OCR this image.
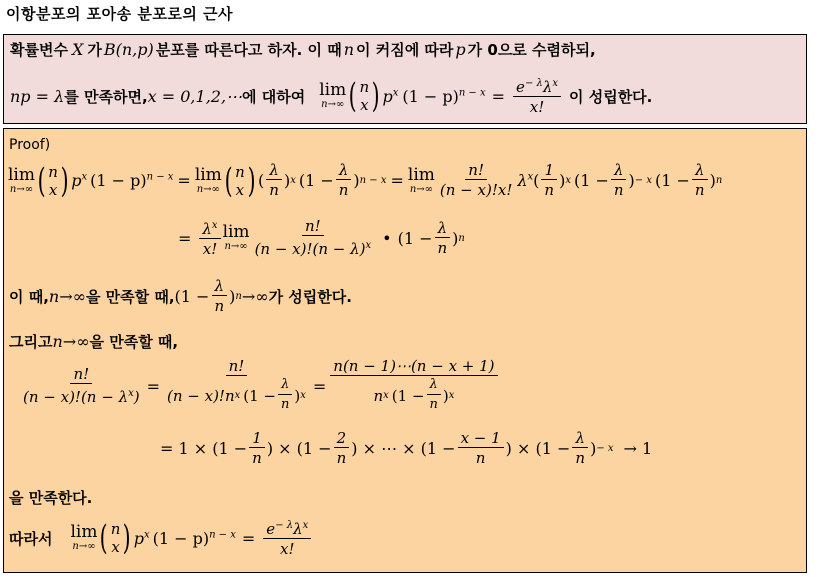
이항분포의 포아송 분포로의 근사
확률변수 X 가 B(n,p) 분포를 따른다고 하자. 이 때 n 이 커짐에 따라 p 가 0으로 수렴하되,
np = λ 를 만족하면, x = 0,1,2,⋯ 에 대하여 lim
n→∞ ( n
x ) $p^x$ $(1 - p)^{n - x} = \frac{e^{- \lambda}\lambda^x}{x!}$ 이 성립한다.
Proof)
lim
n→∞ ( n
x ) $p^x$ $(1 - p)^{n - x} = \lim$
n→∞ ( n
x ) ( $\frac{\lambda}{n}$ ) x ($1 - \frac{\lambda}{n}$ ) n − x = lim
$n\to\infty \frac{n!}{(n - x)!x!} \lambda^x$ ( $\frac{1}{n}$ ) x ($1 - \frac{\lambda}{n}$ ) − x ($1 - \frac{\lambda}{n}$ ) n
= $\frac{\lambda^x}{x!}$ lim
$n\to\infty \frac{n!}{(n - x)!(n - \lambda)^x}$ • ($1 - \frac{\lambda}{n}$ ) n
이 때, n→∞ 을 만족할 때, ($1 - \frac{\lambda}{n}$ ) n →∞ 가 성립한다.
그리고 n→∞ 을 만족할 때,
$\frac{n!}{(n - x)!(n - \lambda^x)} = \frac{n!}{(n - x)!n x (1 - \frac{\lambda}{n} ) x} = \frac{n(n - 1)\cdots(n - x + 1)}{n x (1 - \frac{\lambda}{n} ) x}$
= $1 \times (1 - \frac{1}{n}$ ) × ($1 - \frac{2}{n}$ ) × ⋯ × ($1 - \frac{x - 1}{n}$ ) × ($1 - \frac{\lambda}{n}$ ) − x → 1
을 만족한다.
따라서 lim
n→∞ ( n
x ) $p^x$ $(1 - p)^{n - x} = \frac{e^{- \lambda}\lambda^x}{x!}$
